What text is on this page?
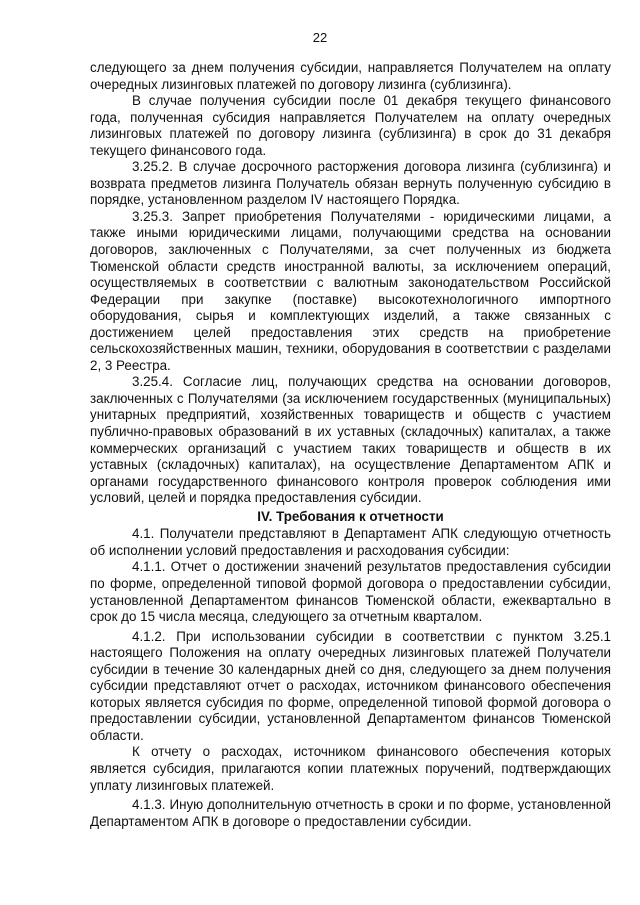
22

следующего за днем получения субсидии, направляется Получателем на оплату очередных лизинговых платежей по договору лизинга (сублизинга).

В случае получения субсидии после 01 декабря текущего финансового года, полученная субсидия направляется Получателем на оплату очередных лизинговых платежей по договору лизинга (сублизинга) в срок до 31 декабря текущего финансового года.

3.25.2. В случае досрочного расторжения договора лизинга (сублизинга) и возврата предметов лизинга Получатель обязан вернуть полученную субсидию в порядке, установленном разделом IV настоящего Порядка.

3.25.3. Запрет приобретения Получателями - юридическими лицами, а также иными юридическими лицами, получающими средства на основании договоров, заключенных с Получателями, за счет полученных из бюджета Тюменской области средств иностранной валюты, за исключением операций, осуществляемых в соответствии с валютным законодательством Российской Федерации при закупке (поставке) высокотехнологичного импортного оборудования, сырья и комплектующих изделий, а также связанных с достижением целей предоставления этих средств на приобретение сельскохозяйственных машин, техники, оборудования в соответствии с разделами 2, 3 Реестра.

3.25.4. Согласие лиц, получающих средства на основании договоров, заключенных с Получателями (за исключением государственных (муниципальных) унитарных предприятий, хозяйственных товариществ и обществ с участием публично-правовых образований в их уставных (складочных) капиталах, а также коммерческих организаций с участием таких товариществ и обществ в их уставных (складочных) капиталах), на осуществление Департаментом АПК и органами государственного финансового контроля проверок соблюдения ими условий, целей и порядка предоставления субсидии.

IV. Требования к отчетности

4.1. Получатели представляют в Департамент АПК следующую отчетность об исполнении условий предоставления и расходования субсидии:

4.1.1. Отчет о достижении значений результатов предоставления субсидии по форме, определенной типовой формой договора о предоставлении субсидии, установленной Департаментом финансов Тюменской области, ежеквартально в срок до 15 числа месяца, следующего за отчетным кварталом.

4.1.2. При использовании субсидии в соответствии с пунктом 3.25.1 настоящего Положения на оплату очередных лизинговых платежей Получатели субсидии в течение 30 календарных дней со дня, следующего за днем получения субсидии представляют отчет о расходах, источником финансового обеспечения которых является субсидия по форме, определенной типовой формой договора о предоставлении субсидии, установленной Департаментом финансов Тюменской области.

К отчету о расходах, источником финансового обеспечения которых является субсидия, прилагаются копии платежных поручений, подтверждающих уплату лизинговых платежей.

4.1.3. Иную дополнительную отчетность в сроки и по форме, установленной Департаментом АПК в договоре о предоставлении субсидии.
